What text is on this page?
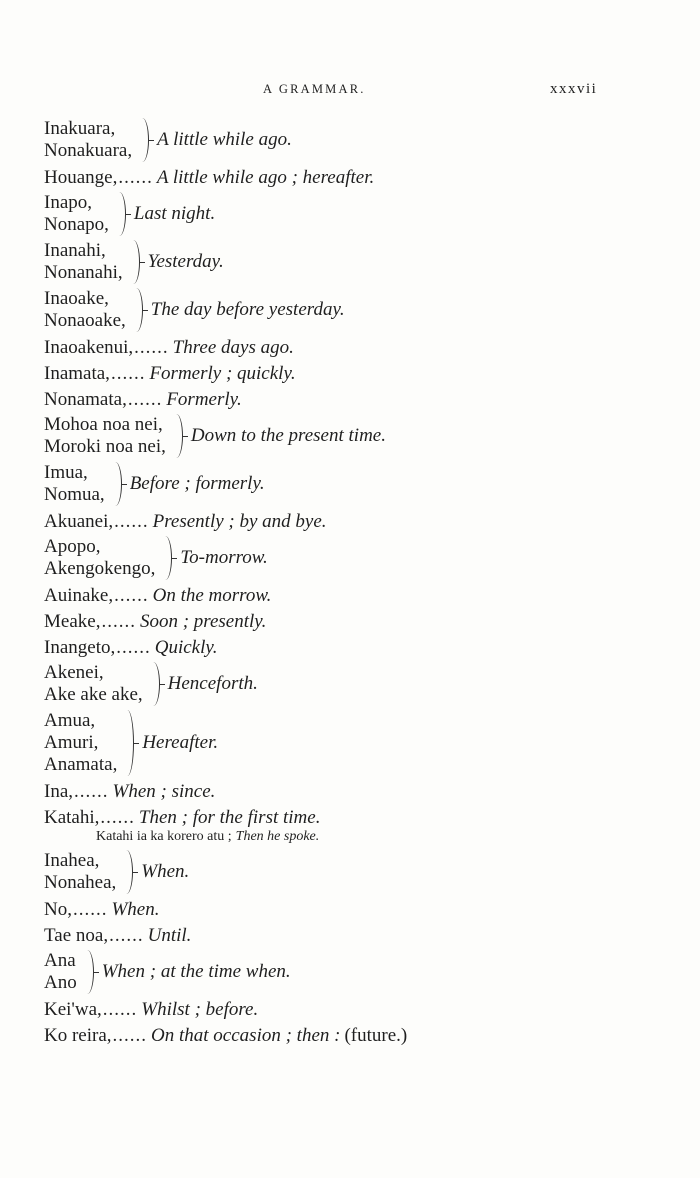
A GRAMMAR.	xxxvii
Inakuara,
Nonakuara,
A little while ago.
Houange, ...... A little while ago ; hereafter.
Inapo,
Nonapo,
Last night.
Inanahi,
Nonanahi,
Yesterday.
Inaoake,
Nonaoake,
The day before yesterday.
Inaoakenui, ...... Three days ago.
Inamata, ...... Formerly ; quickly.
Nonamata, ...... Formerly.
Mohoa noa nei,
Moroki noa nei,
Down to the present time.
Imua,
Nomua,
Before ; formerly.
Akuanei, ...... Presently ; by and bye.
Apopo,
Akengokengo,
To-morrow.
Auinake, ...... On the morrow.
Meake, ...... Soon ; presently.
Inangeto, ...... Quickly.
Akenei,
Ake ake ake,
Henceforth.
Amua,
Amuri,
Anamata,
Hereafter.
Ina, ...... When ; since.
Katahi, ...... Then ; for the first time.
Katahi ia ka korero atu ; Then he spoke.
Inahea,
Nonahea,
When.
No, ...... When.
Tae noa, ...... Until.
Ana
Ano
When ; at the time when.
Kei'wa, ...... Whilst ; before.
Ko reira, ...... On that occasion ; then : (future.)
